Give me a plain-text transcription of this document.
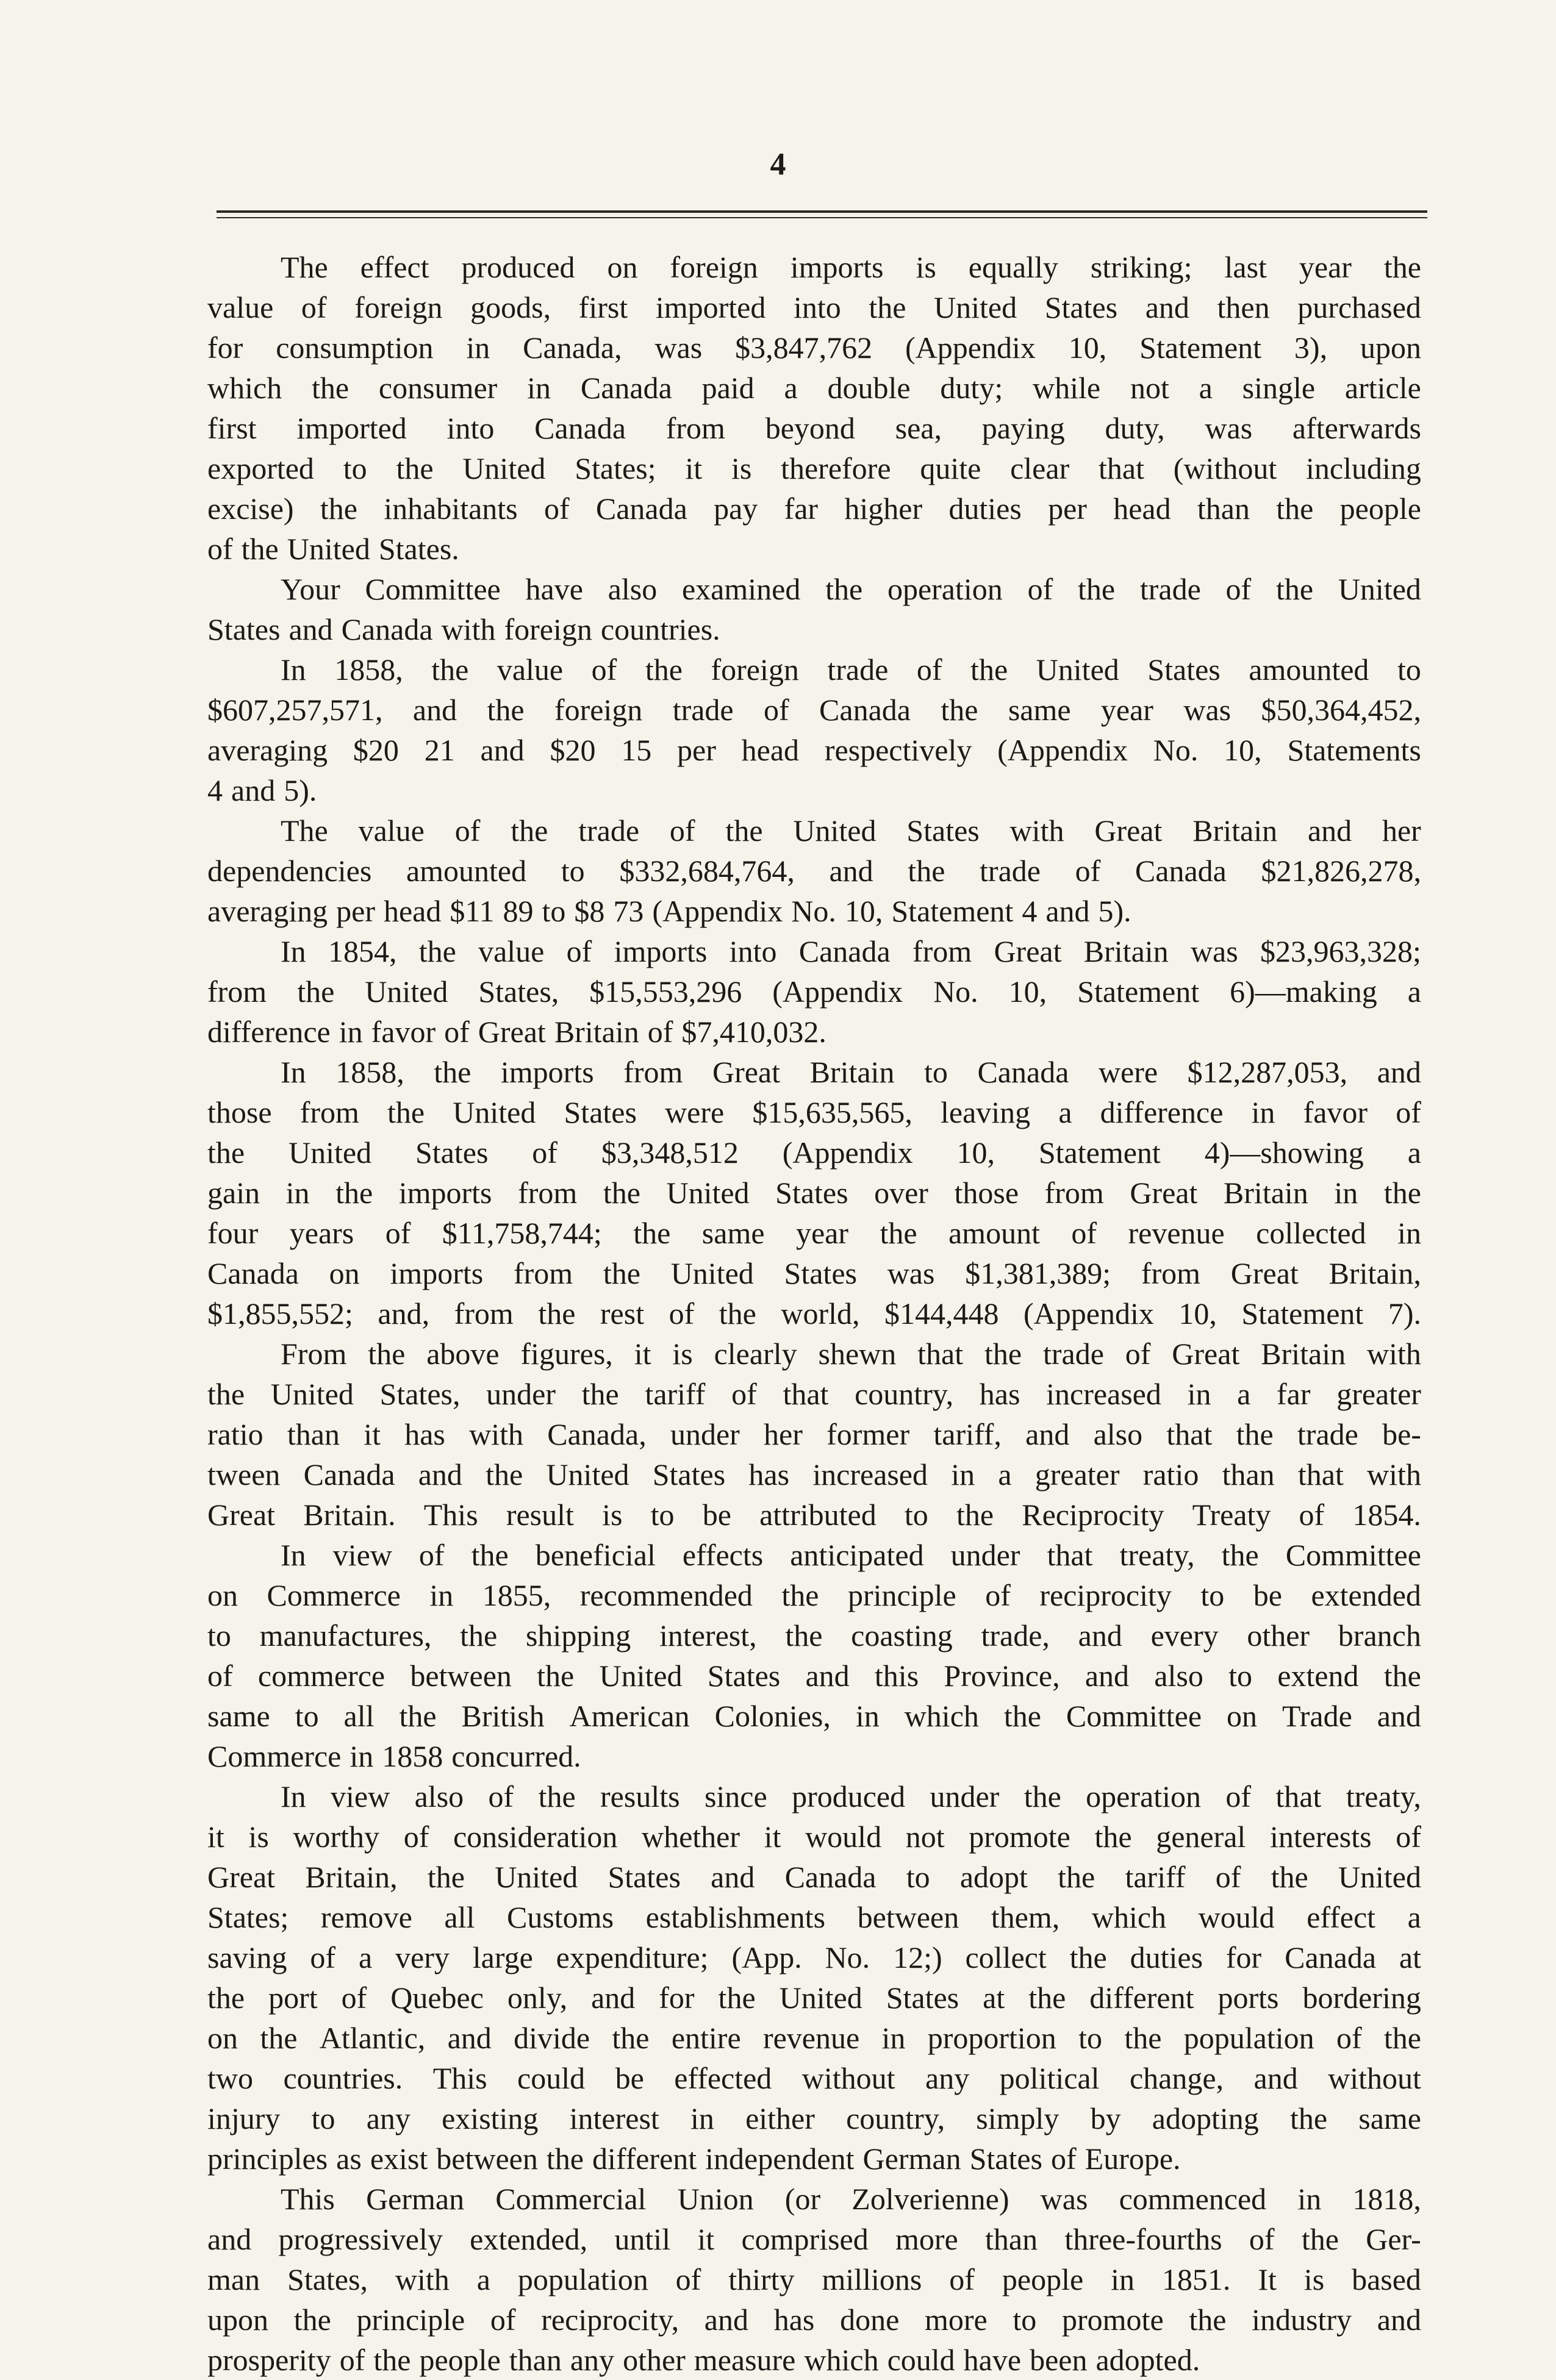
4
The effect produced on foreign imports is equally striking; last year the
value of foreign goods, first imported into the United States and then purchased
for consumption in Canada, was $3,847,762 (Appendix 10, Statement 3), upon
which the consumer in Canada paid a double duty; while not a single article
first imported into Canada from beyond sea, paying duty, was afterwards
exported to the United States; it is therefore quite clear that (without including
excise) the inhabitants of Canada pay far higher duties per head than the people
of the United States.
Your Committee have also examined the operation of the trade of the United
States and Canada with foreign countries.
In 1858, the value of the foreign trade of the United States amounted to
$607,257,571, and the foreign trade of Canada the same year was $50,364,452,
averaging $20 21 and $20 15 per head respectively (Appendix No. 10, Statements
4 and 5).
The value of the trade of the United States with Great Britain and her
dependencies amounted to $332,684,764, and the trade of Canada $21,826,278,
averaging per head $11 89 to $8 73 (Appendix No. 10, Statement 4 and 5).
In 1854, the value of imports into Canada from Great Britain was $23,963,328;
from the United States, $15,553,296 (Appendix No. 10, Statement 6)—making a
difference in favor of Great Britain of $7,410,032.
In 1858, the imports from Great Britain to Canada were $12,287,053, and
those from the United States were $15,635,565, leaving a difference in favor of
the United States of $3,348,512 (Appendix 10, Statement 4)—showing a
gain in the imports from the United States over those from Great Britain in the
four years of $11,758,744; the same year the amount of revenue collected in
Canada on imports from the United States was $1,381,389; from Great Britain,
$1,855,552; and, from the rest of the world, $144,448 (Appendix 10, Statement 7).
From the above figures, it is clearly shewn that the trade of Great Britain with
the United States, under the tariff of that country, has increased in a far greater
ratio than it has with Canada, under her former tariff, and also that the trade be-
tween Canada and the United States has increased in a greater ratio than that with
Great Britain. This result is to be attributed to the Reciprocity Treaty of 1854.
In view of the beneficial effects anticipated under that treaty, the Committee
on Commerce in 1855, recommended the principle of reciprocity to be extended
to manufactures, the shipping interest, the coasting trade, and every other branch
of commerce between the United States and this Province, and also to extend the
same to all the British American Colonies, in which the Committee on Trade and
Commerce in 1858 concurred.
In view also of the results since produced under the operation of that treaty,
it is worthy of consideration whether it would not promote the general interests of
Great Britain, the United States and Canada to adopt the tariff of the United
States; remove all Customs establishments between them, which would effect a
saving of a very large expenditure; (App. No. 12;) collect the duties for Canada at
the port of Quebec only, and for the United States at the different ports bordering
on the Atlantic, and divide the entire revenue in proportion to the population of the
two countries. This could be effected without any political change, and without
injury to any existing interest in either country, simply by adopting the same
principles as exist between the different independent German States of Europe.
This German Commercial Union (or Zolverienne) was commenced in 1818,
and progressively extended, until it comprised more than three-fourths of the Ger-
man States, with a population of thirty millions of people in 1851. It is based
upon the principle of reciprocity, and has done more to promote the industry and
prosperity of the people than any other measure which could have been adopted.
